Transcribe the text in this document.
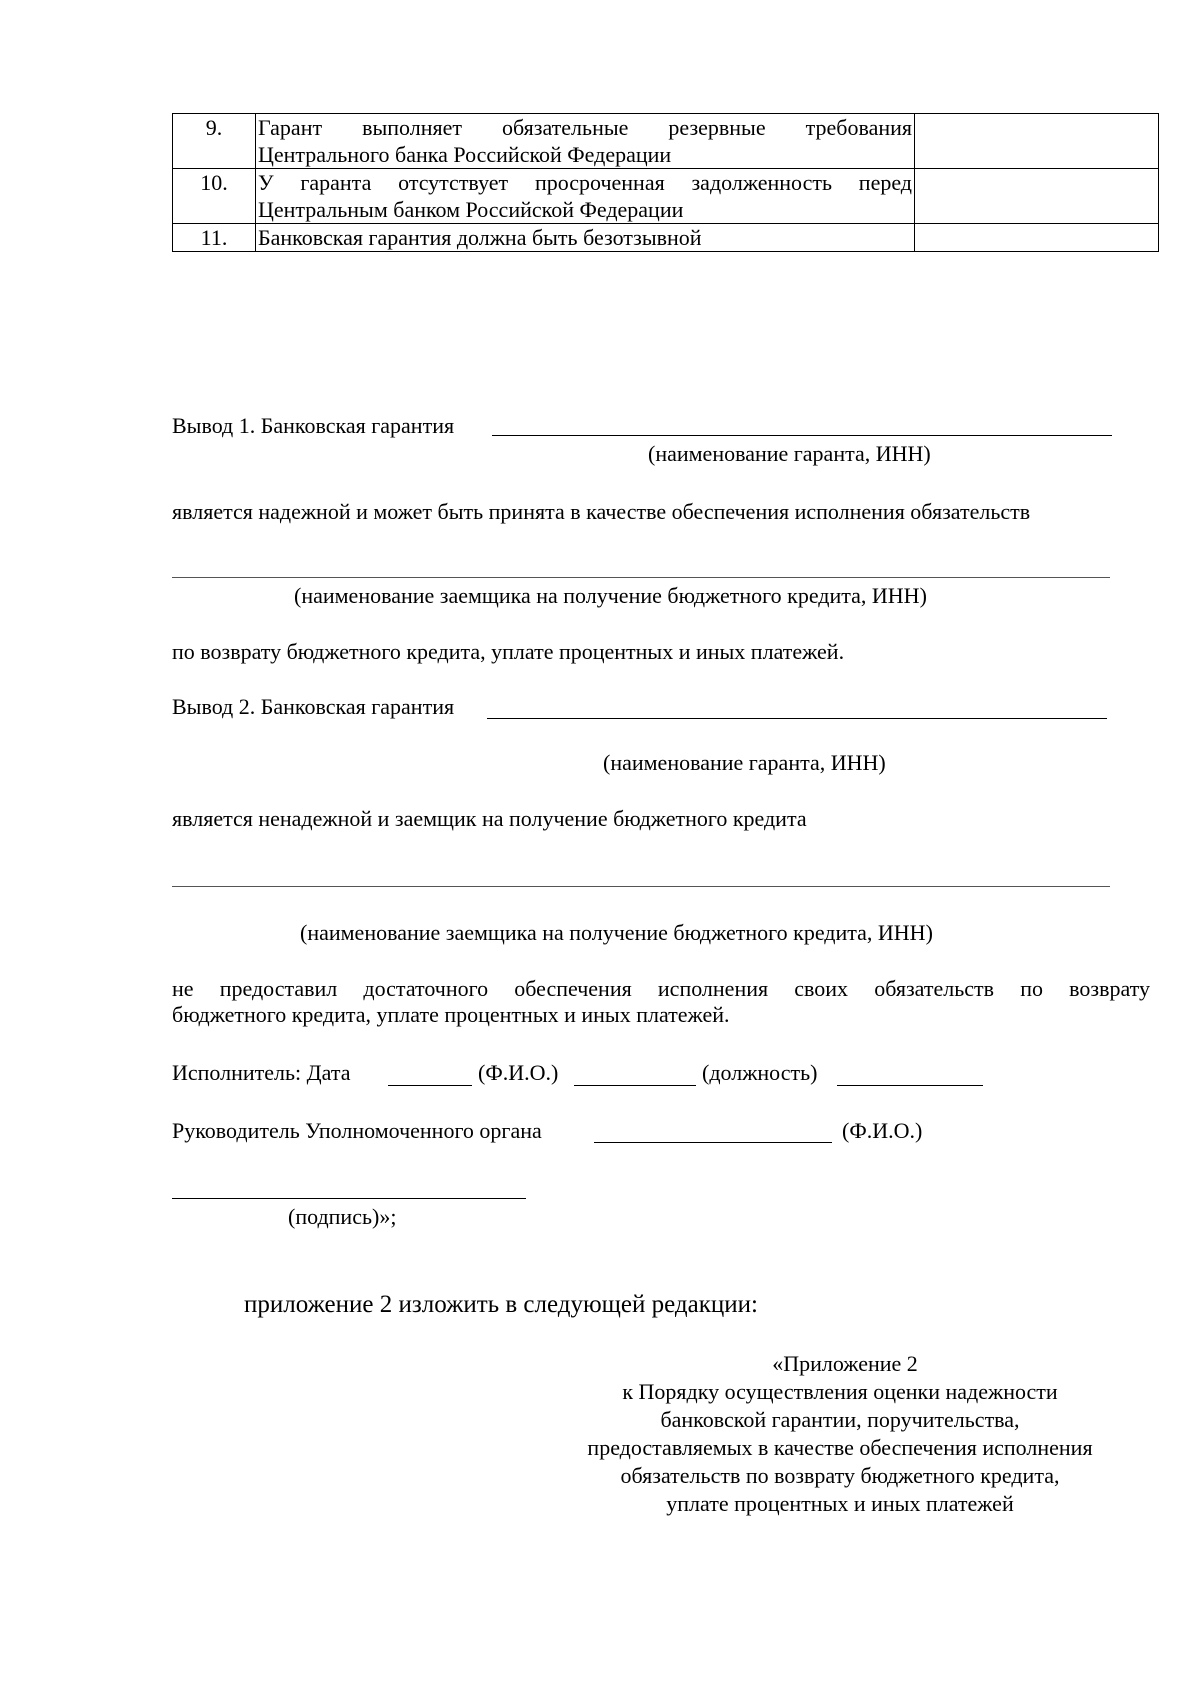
9.	Гарант выполняет обязательные резервные требования
Центрального банка Российской Федерации	

10.	У гаранта отсутствует просроченная задолженность перед
Центральным банком Российской Федерации	

11.	Банковская гарантия должна быть безотзывной	

Вывод 1. Банковская гарантия
(наименование гаранта, ИНН)
является надежной и может быть принята в качестве обеспечения исполнения обязательств
(наименование заемщика на получение бюджетного кредита, ИНН)
по возврату бюджетного кредита, уплате процентных и иных платежей.
Вывод 2. Банковская гарантия
(наименование гаранта, ИНН)
является ненадежной и заемщик на получение бюджетного кредита
(наименование заемщика на получение бюджетного кредита, ИНН)
не предоставил достаточного обеспечения исполнения своих обязательств по возврату
бюджетного кредита, уплате процентных и иных платежей.
Исполнитель: Дата	(Ф.И.О.)	(должность)
Руководитель Уполномоченного органа	(Ф.И.О.)
(подпись)»;
приложение 2 изложить в следующей редакции:
«Приложение 2
к Порядку осуществления оценки надежности
банковской гарантии, поручительства,
предоставляемых в качестве обеспечения исполнения
обязательств по возврату бюджетного кредита,
уплате процентных и иных платежей
